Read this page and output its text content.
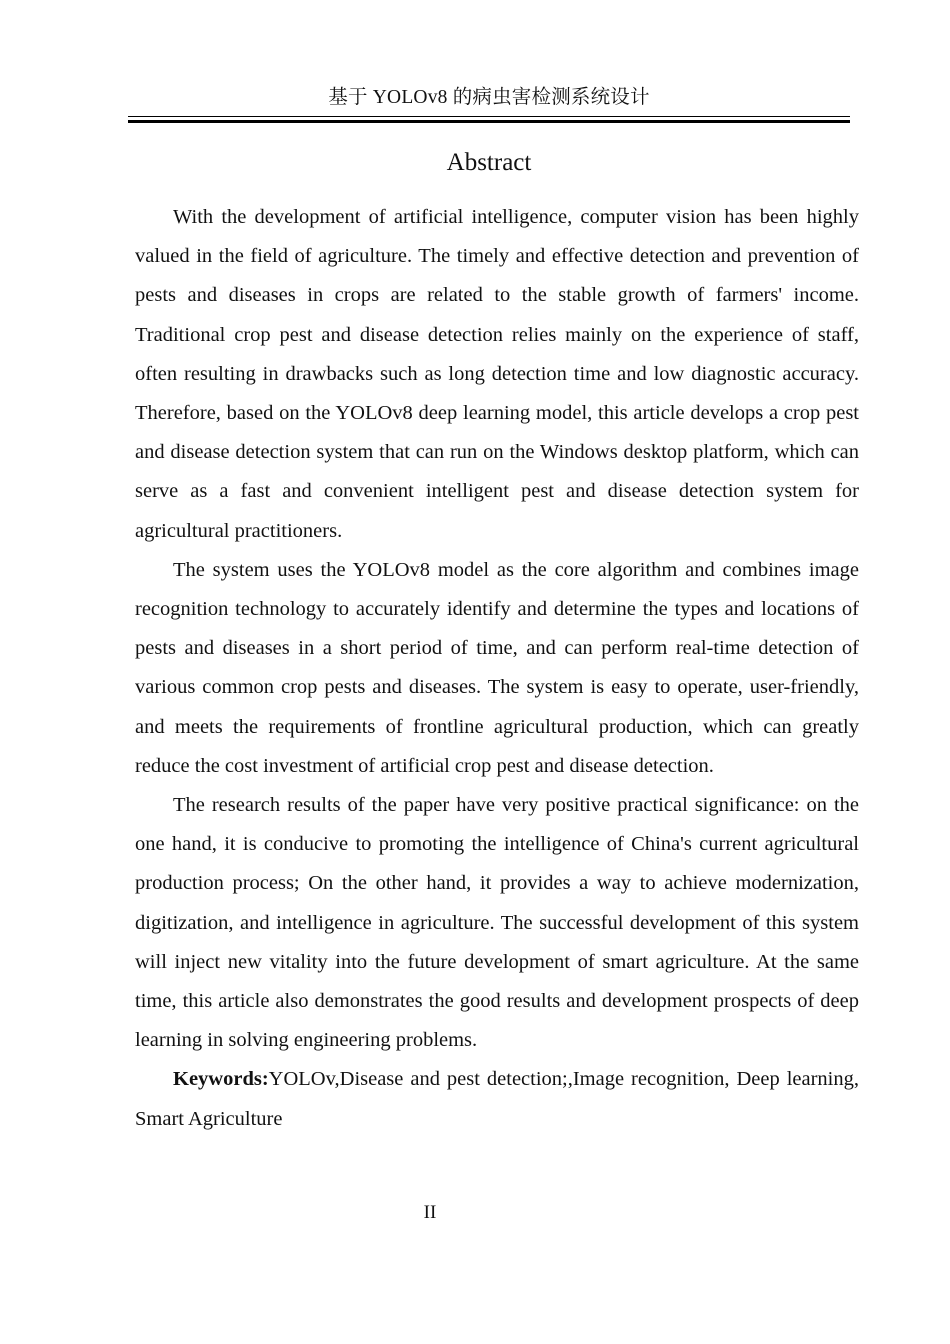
基于 YOLOv8 的病虫害检测系统设计
Abstract

With the development of artificial intelligence, computer vision has been highly valued in the field of agriculture. The timely and effective detection and prevention of pests and diseases in crops are related to the stable growth of farmers' income. Traditional crop pest and disease detection relies mainly on the experience of staff, often resulting in drawbacks such as long detection time and low diagnostic accuracy. Therefore, based on the YOLOv8 deep learning model, this article develops a crop pest and disease detection system that can run on the Windows desktop platform, which can serve as a fast and convenient intelligent pest and disease detection system for agricultural practitioners.

The system uses the YOLOv8 model as the core algorithm and combines image recognition technology to accurately identify and determine the types and locations of pests and diseases in a short period of time, and can perform real-time detection of various common crop pests and diseases. The system is easy to operate, user-friendly, and meets the requirements of frontline agricultural production, which can greatly reduce the cost investment of artificial crop pest and disease detection.

The research results of the paper have very positive practical significance: on the one hand, it is conducive to promoting the intelligence of China's current agricultural production process; On the other hand, it provides a way to achieve modernization, digitization, and intelligence in agriculture. The successful development of this system will inject new vitality into the future development of smart agriculture. At the same time, this article also demonstrates the good results and development prospects of deep learning in solving engineering problems.

Keywords:YOLOv,Disease and pest detection;,Image recognition, Deep learning, Smart Agriculture

II
